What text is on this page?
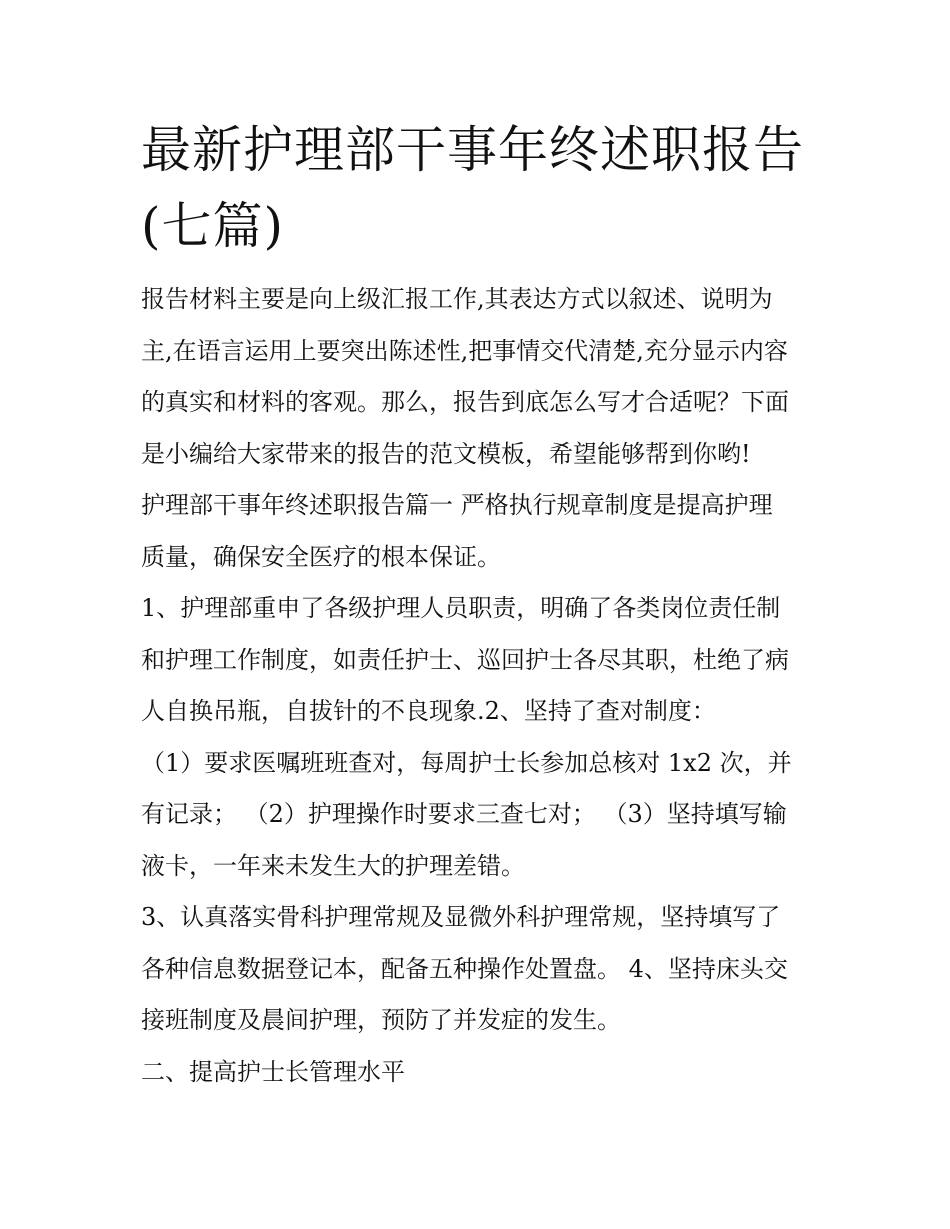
最新护理部干事年终述职报告
(七篇)

报告材料主要是向上级汇报工作,其表达方式以叙述、说明为

主,在语言运用上要突出陈述性,把事情交代清楚,充分显示内容

的真实和材料的客观。那么，报告到底怎么写才合适呢？下面

是小编给大家带来的报告的范文模板，希望能够帮到你哟!

护理部干事年终述职报告篇一 严格执行规章制度是提高护理

质量，确保安全医疗的根本保证。

1、护理部重申了各级护理人员职责，明确了各类岗位责任制

和护理工作制度，如责任护士、巡回护士各尽其职，杜绝了病

人自换吊瓶，自拔针的不良现象.2、坚持了查对制度：

（1）要求医嘱班班查对，每周护士长参加总核对 1x2 次，并

有记录； （2）护理操作时要求三查七对； （3）坚持填写输

液卡，一年来未发生大的护理差错。

3、认真落实骨科护理常规及显微外科护理常规，坚持填写了

各种信息数据登记本，配备五种操作处置盘。 4、坚持床头交

接班制度及晨间护理，预防了并发症的发生。

二、提高护士长管理水平
